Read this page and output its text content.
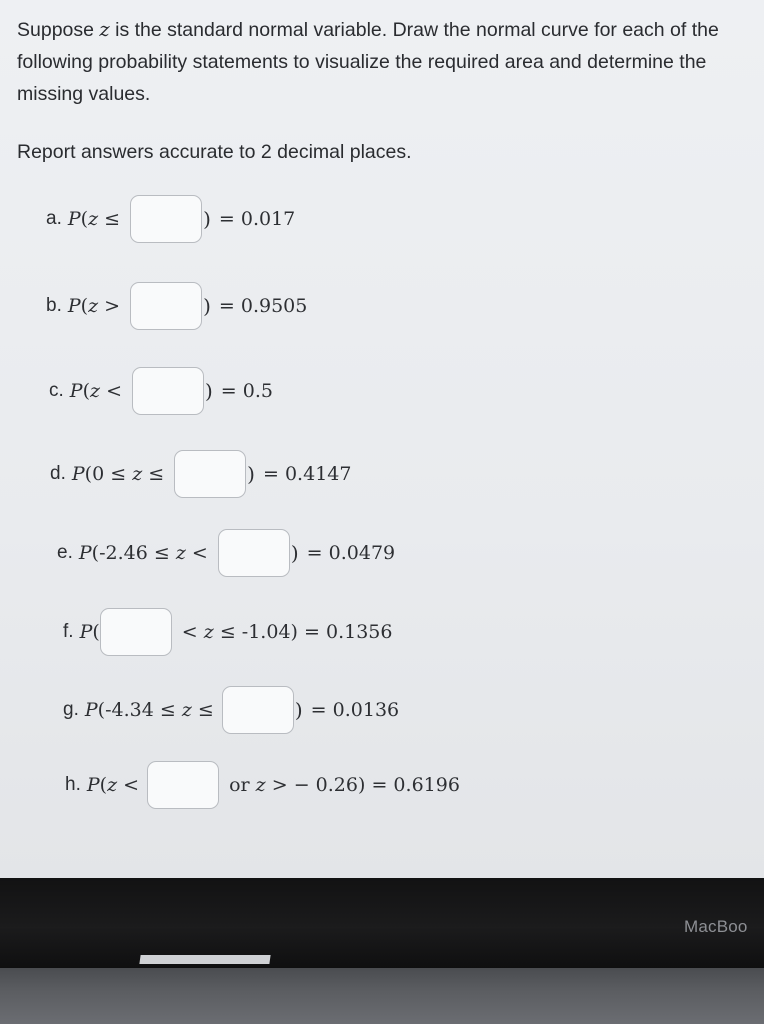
Suppose z is the standard normal variable. Draw the normal curve for each of the following probability statements to visualize the required area and determine the missing values.
Report answers accurate to 2 decimal places.
a. P(z ≤	) = 0.017
b. P(z >	) = 0.9505
c. P(z <	) = 0.5
d. P(0 ≤ z ≤	) = 0.4147
e. P(-2.46 ≤ z <	) = 0.0479
f. P(	< z ≤ -1.04) = 0.1356
g. P(-4.34 ≤ z ≤	) = 0.0136
h. P(z <	or z > − 0.26) = 0.6196
MacBoo
